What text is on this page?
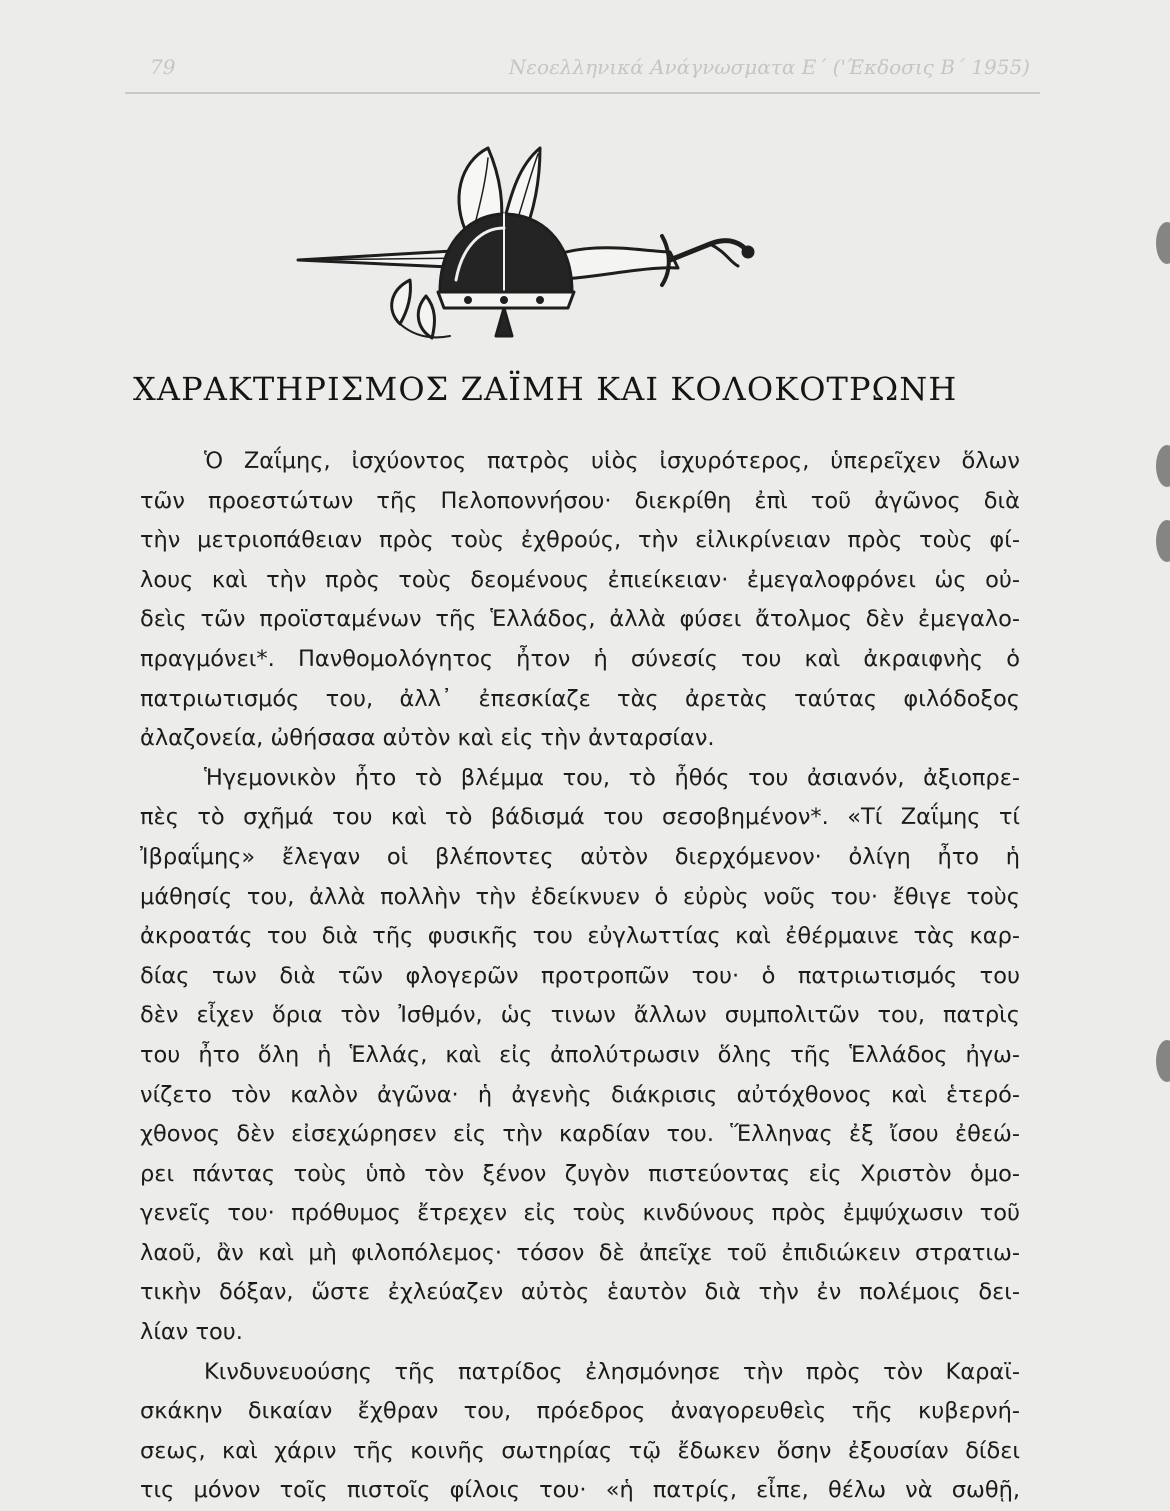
79	Νεοελληνικά Ανάγνωσματα Ε΄ ('Έκδοσις Β΄ 1955)
ΧΑΡΑΚΤΗΡΙΣΜΟΣ ΖΑΪΜΗ ΚΑΙ ΚΟΛΟΚΟΤΡΩΝΗ
Ὁ Ζαΐμης, ἰσχύοντος πατρὸς υἱὸς ἰσχυρότερος, ὑπερεῖχεν ὅλων
τῶν προεστώτων τῆς Πελοποννήσου· διεκρίθη ἐπὶ τοῦ ἀγῶνος διὰ
τὴν μετριοπάθειαν πρὸς τοὺς ἐχθρούς, τὴν εἰλικρίνειαν πρὸς τοὺς φί-
λους καὶ τὴν πρὸς τοὺς δεομένους ἐπιείκειαν· ἐμεγαλοφρόνει ὡς οὐ-
δεὶς τῶν προϊσταμένων τῆς Ἑλλάδος, ἀλλὰ φύσει ἄτολμος δὲν ἐμεγαλο-
πραγμόνει*. Πανθομολόγητος ἦτον ἡ σύνεσίς του καὶ ἀκραιφνὴς ὁ
πατριωτισμός του, ἀλλ᾽ ἐπεσκίαζε τὰς ἀρετὰς ταύτας φιλόδοξος
ἀλαζονεία, ὠθήσασα αὐτὸν καὶ εἰς τὴν ἀνταρσίαν.
Ἡγεμονικὸν ἦτο τὸ βλέμμα του, τὸ ἦθός του ἀσιανόν, ἀξιοπρε-
πὲς τὸ σχῆμά του καὶ τὸ βάδισμά του σεσοβημένον*. «Τί Ζαΐμης τί
Ἰβραΐμης» ἔλεγαν οἱ βλέποντες αὐτὸν διερχόμενον· ὀλίγη ἦτο ἡ
μάθησίς του, ἀλλὰ πολλὴν τὴν ἐδείκνυεν ὁ εὐρὺς νοῦς του· ἔθιγε τοὺς
ἀκροατάς του διὰ τῆς φυσικῆς του εὐγλωττίας καὶ ἐθέρμαινε τὰς καρ-
δίας των διὰ τῶν φλογερῶν προτροπῶν του· ὁ πατριωτισμός του
δὲν εἶχεν ὅρια τὸν Ἰσθμόν, ὡς τινων ἄλλων συμπολιτῶν του, πατρὶς
του ἦτο ὅλη ἡ Ἑλλάς, καὶ εἰς ἀπολύτρωσιν ὅλης τῆς Ἑλλάδος ἠγω-
νίζετο τὸν καλὸν ἀγῶνα· ἡ ἀγενὴς διάκρισις αὐτόχθονος καὶ ἑτερό-
χθονος δὲν εἰσεχώρησεν εἰς τὴν καρδίαν του. Ἕλληνας ἐξ ἴσου ἐθεώ-
ρει πάντας τοὺς ὑπὸ τὸν ξένον ζυγὸν πιστεύοντας εἰς Χριστὸν ὁμο-
γενεῖς του· πρόθυμος ἔτρεχεν εἰς τοὺς κινδύνους πρὸς ἐμψύχωσιν τοῦ
λαοῦ, ἂν καὶ μὴ φιλοπόλεμος· τόσον δὲ ἀπεῖχε τοῦ ἐπιδιώκειν στρατιω-
τικὴν δόξαν, ὥστε ἐχλεύαζεν αὐτὸς ἑαυτὸν διὰ τὴν ἐν πολέμοις δει-
λίαν του.
Κινδυνευούσης τῆς πατρίδος ἐλησμόνησε τὴν πρὸς τὸν Καραϊ-
σκάκην δικαίαν ἔχθραν του, πρόεδρος ἀναγορευθεὶς τῆς κυβερνή-
σεως, καὶ χάριν τῆς κοινῆς σωτηρίας τῷ ἔδωκεν ὅσην ἐξουσίαν δίδει
τις μόνον τοῖς πιστοῖς φίλοις του· «ἡ πατρίς, εἶπε, θέλω νὰ σωθῇ,
